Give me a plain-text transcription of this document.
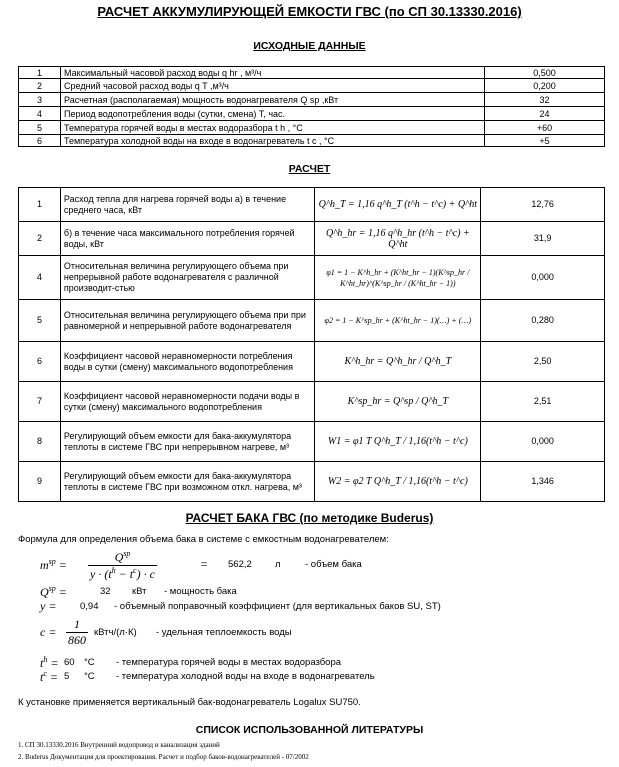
РАСЧЕТ АККУМУЛИРУЮЩЕЙ ЕМКОСТИ ГВС (по СП 30.13330.2016)
ИСХОДНЫЕ ДАННЫЕ
1	Максимальный часовой расход воды q hr , м³/ч	0,500
2	Средний часовой расход воды q T ,м³/ч	0,200
3	Расчетная (располагаемая) мощность водонагревателя Q sp ,кВт	32
4	Период водопотребления воды (сутки, смена) T, час.	24
5	Температура горячей воды в местах водоразбора t h , °C	+60
6	Температура холодной воды на входе в водонагреватель t c , °C	+5
РАСЧЕТ
1	Расход тепла для нагрева горячей воды а) в течение среднего часа, кВт	Q^h_T = 1,16 q^h_T (t^h − t^c) + Q^ht	12,76
2	б) в течение часа максимального потребления горячей воды, кВт	Q^h_hr = 1,16 q^h_hr (t^h − t^c) + Q^ht	31,9
4	Относительная величина регулирующего объема при непрерывной работе водонагревателя с различной производит-стью	φ1 = 1 − K^h_hr + (K^ht_hr − 1)(K^sp_hr / K^ht_hr)^(K^sp_hr / (K^ht_hr − 1))	0,000
5	Относительная величина регулирующего объема при при равномерной и непрерывной работе водонагревателя	φ2 = 1 − K^sp_hr + (K^ht_hr − 1)(…) + (…)	0,280
6	Коэффициент часовой неравномерности потребления воды в сутки (смену) максимального водопотребления	K^h_hr = Q^h_hr / Q^h_T	2,50
7	Коэффициент часовой неравномерности подачи воды в сутки (смену) максимального водопотребления	K^sp_hr = Q^sp / Q^h_T	2,51
8	Регулирующий объем емкости для бака-аккумулятора теплоты в системе ГВС при непрерывном нагреве, м³	W1 = φ1 T Q^h_T / 1,16(t^h − t^c)	0,000
9	Регулирующий объем емкости для бака-аккумулятора теплоты в системе ГВС при возможном откл. нагрева, м³	W2 = φ2 T Q^h_T / 1,16(t^h − t^c)	1,346
РАСЧЕТ БАКА ГВС (по методике Buderus)
Формула для определения объема бака в системе с емкостным водонагревателем:
$m^{sp}$ =
$Q^{sp}$
$y \cdot (t^h - t^c) \cdot c$
= 562,2 л	- объем бака
$Q^{sp}$ =	32 кВт - мощность бака
y = 0,94 - объемный поправочный коэффициент (для вертикальных баков SU, ST)
$c = \frac{1}{860}$ кВтч/(л·К) - удельная теплоемкость воды
$t^h = 60$ °C - температура горячей воды в местах водоразбора
$t^c = 5$ °C - температура холодной воды на входе в водонагреватель
К установке применяется вертикальный бак-водонагреватель Logalux SU750.
СПИСОК ИСПОЛЬЗОВАННОЙ ЛИТЕРАТУРЫ
1. СП 30.13330.2016 Внутренний водопровод и канализация зданий
2. Buderus Документация для проектирования. Расчет и подбор баков-водонагревателей - 07/2002
